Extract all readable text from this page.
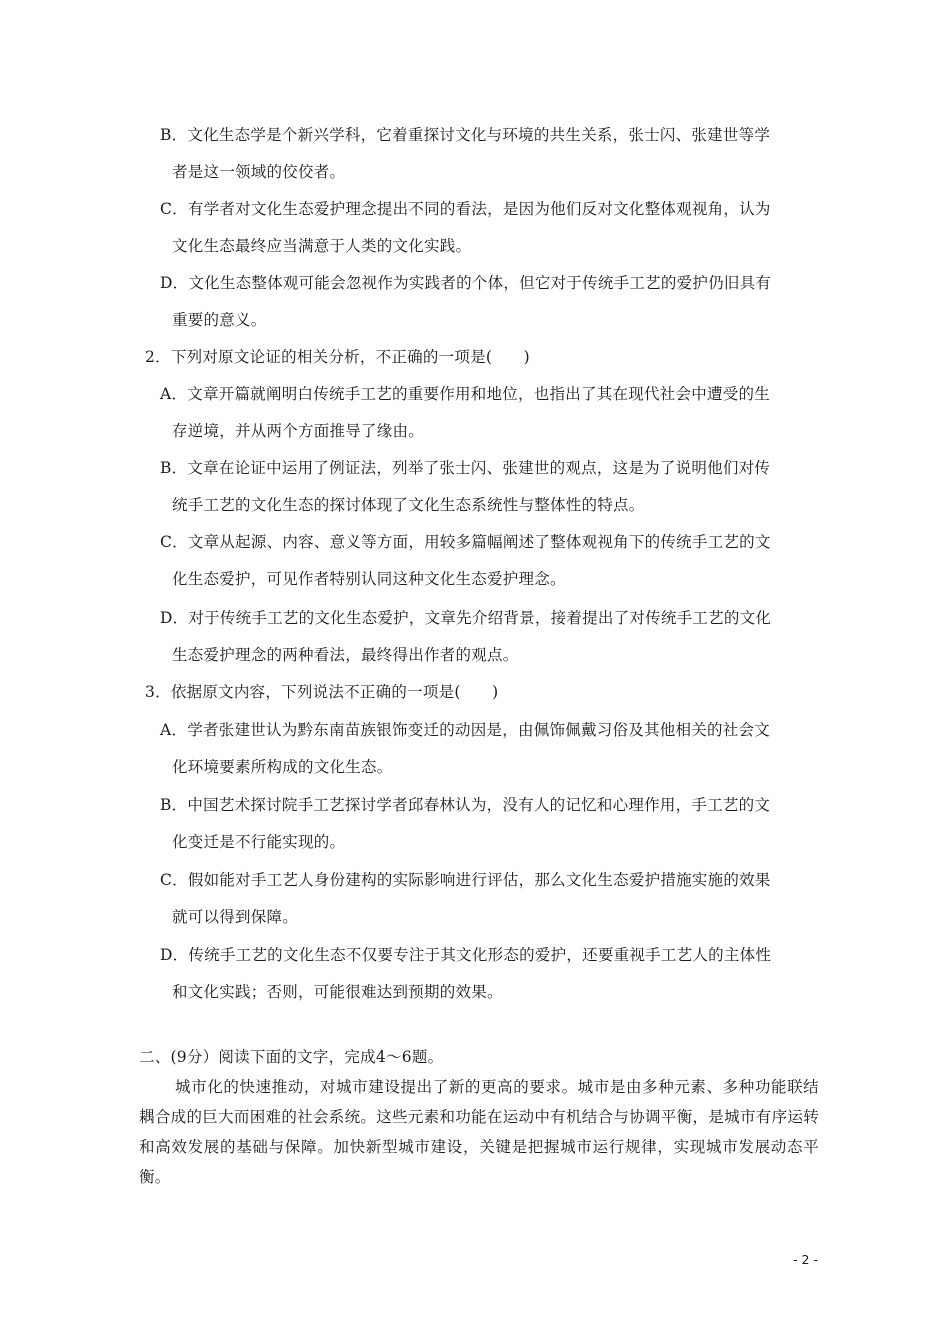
B．文化生态学是个新兴学科，它着重探讨文化与环境的共生关系，张士闪、张建世等学
者是这一领域的佼佼者。
C．有学者对文化生态爱护理念提出不同的看法，是因为他们反对文化整体观视角，认为
文化生态最终应当满意于人类的文化实践。
D．文化生态整体观可能会忽视作为实践者的个体，但它对于传统手工艺的爱护仍旧具有
重要的意义。
2．下列对原文论证的相关分析，不正确的一项是(　　)
A．文章开篇就阐明白传统手工艺的重要作用和地位，也指出了其在现代社会中遭受的生
存逆境，并从两个方面推导了缘由。
B．文章在论证中运用了例证法，列举了张士闪、张建世的观点，这是为了说明他们对传
统手工艺的文化生态的探讨体现了文化生态系统性与整体性的特点。
C．文章从起源、内容、意义等方面，用较多篇幅阐述了整体观视角下的传统手工艺的文
化生态爱护，可见作者特别认同这种文化生态爱护理念。
D．对于传统手工艺的文化生态爱护，文章先介绍背景，接着提出了对传统手工艺的文化
生态爱护理念的两种看法，最终得出作者的观点。
3．依据原文内容，下列说法不正确的一项是(　　)
A．学者张建世认为黔东南苗族银饰变迁的动因是，由佩饰佩戴习俗及其他相关的社会文
化环境要素所构成的文化生态。
B．中国艺术探讨院手工艺探讨学者邱春林认为，没有人的记忆和心理作用，手工艺的文
化变迁是不行能实现的。
C．假如能对手工艺人身份建构的实际影响进行评估，那么文化生态爱护措施实施的效果
就可以得到保障。
D．传统手工艺的文化生态不仅要专注于其文化形态的爱护，还要重视手工艺人的主体性
和文化实践；否则，可能很难达到预期的效果。
二、(9分）阅读下面的文字，完成4～6题。
城市化的快速推动，对城市建设提出了新的更高的要求。城市是由多种元素、多种功能联结耦合成的巨大而困难的社会系统。这些元素和功能在运动中有机结合与协调平衡，是城市有序运转和高效发展的基础与保障。加快新型城市建设，关键是把握城市运行规律，实现城市发展动态平衡。
- 2 -
